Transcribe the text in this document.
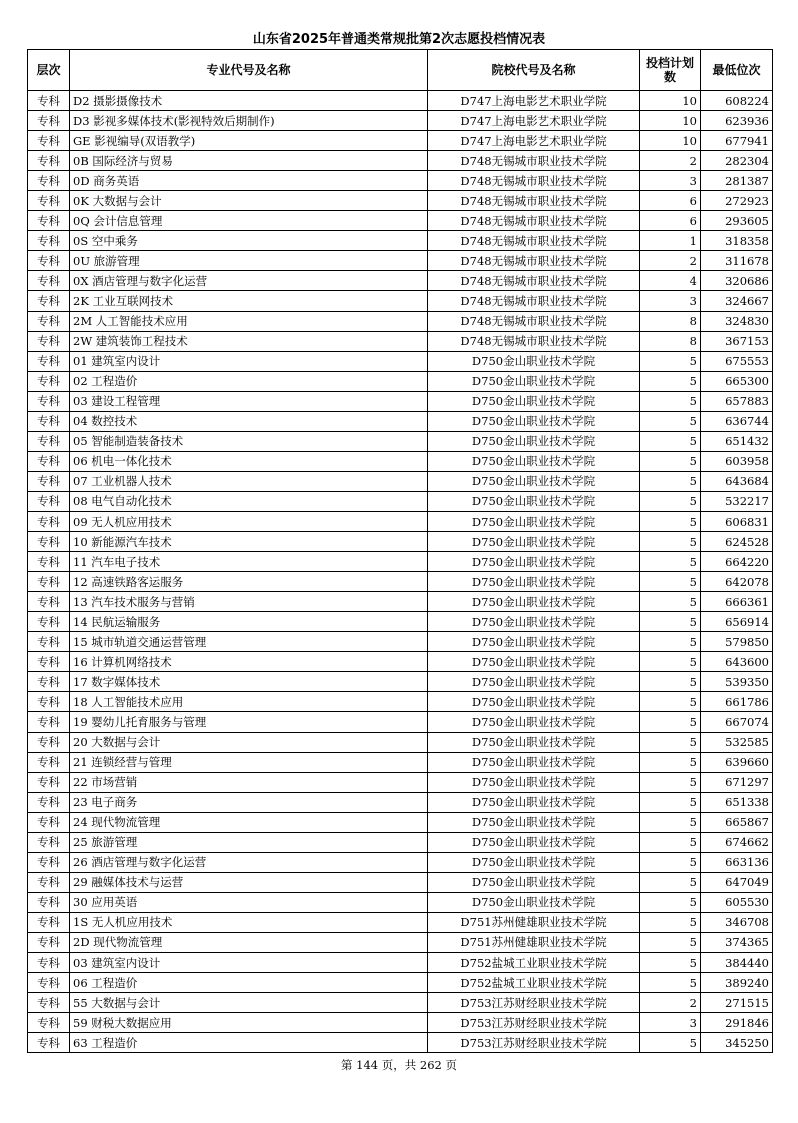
山东省2025年普通类常规批第2次志愿投档情况表
层次	专业代号及名称	院校代号及名称	投档计划数	最低位次
专科	D2 摄影摄像技术	D747上海电影艺术职业学院	10	608224
专科	D3 影视多媒体技术(影视特效后期制作)	D747上海电影艺术职业学院	10	623936
专科	GE 影视编导(双语教学)	D747上海电影艺术职业学院	10	677941
专科	0B 国际经济与贸易	D748无锡城市职业技术学院	2	282304
专科	0D 商务英语	D748无锡城市职业技术学院	3	281387
专科	0K 大数据与会计	D748无锡城市职业技术学院	6	272923
专科	0Q 会计信息管理	D748无锡城市职业技术学院	6	293605
专科	0S 空中乘务	D748无锡城市职业技术学院	1	318358
专科	0U 旅游管理	D748无锡城市职业技术学院	2	311678
专科	0X 酒店管理与数字化运营	D748无锡城市职业技术学院	4	320686
专科	2K 工业互联网技术	D748无锡城市职业技术学院	3	324667
专科	2M 人工智能技术应用	D748无锡城市职业技术学院	8	324830
专科	2W 建筑装饰工程技术	D748无锡城市职业技术学院	8	367153
专科	01 建筑室内设计	D750金山职业技术学院	5	675553
专科	02 工程造价	D750金山职业技术学院	5	665300
专科	03 建设工程管理	D750金山职业技术学院	5	657883
专科	04 数控技术	D750金山职业技术学院	5	636744
专科	05 智能制造装备技术	D750金山职业技术学院	5	651432
专科	06 机电一体化技术	D750金山职业技术学院	5	603958
专科	07 工业机器人技术	D750金山职业技术学院	5	643684
专科	08 电气自动化技术	D750金山职业技术学院	5	532217
专科	09 无人机应用技术	D750金山职业技术学院	5	606831
专科	10 新能源汽车技术	D750金山职业技术学院	5	624528
专科	11 汽车电子技术	D750金山职业技术学院	5	664220
专科	12 高速铁路客运服务	D750金山职业技术学院	5	642078
专科	13 汽车技术服务与营销	D750金山职业技术学院	5	666361
专科	14 民航运输服务	D750金山职业技术学院	5	656914
专科	15 城市轨道交通运营管理	D750金山职业技术学院	5	579850
专科	16 计算机网络技术	D750金山职业技术学院	5	643600
专科	17 数字媒体技术	D750金山职业技术学院	5	539350
专科	18 人工智能技术应用	D750金山职业技术学院	5	661786
专科	19 婴幼儿托育服务与管理	D750金山职业技术学院	5	667074
专科	20 大数据与会计	D750金山职业技术学院	5	532585
专科	21 连锁经营与管理	D750金山职业技术学院	5	639660
专科	22 市场营销	D750金山职业技术学院	5	671297
专科	23 电子商务	D750金山职业技术学院	5	651338
专科	24 现代物流管理	D750金山职业技术学院	5	665867
专科	25 旅游管理	D750金山职业技术学院	5	674662
专科	26 酒店管理与数字化运营	D750金山职业技术学院	5	663136
专科	29 融媒体技术与运营	D750金山职业技术学院	5	647049
专科	30 应用英语	D750金山职业技术学院	5	605530
专科	1S 无人机应用技术	D751苏州健雄职业技术学院	5	346708
专科	2D 现代物流管理	D751苏州健雄职业技术学院	5	374365
专科	03 建筑室内设计	D752盐城工业职业技术学院	5	384440
专科	06 工程造价	D752盐城工业职业技术学院	5	389240
专科	55 大数据与会计	D753江苏财经职业技术学院	2	271515
专科	59 财税大数据应用	D753江苏财经职业技术学院	3	291846
专科	63 工程造价	D753江苏财经职业技术学院	5	345250
第 144 页，共 262 页
